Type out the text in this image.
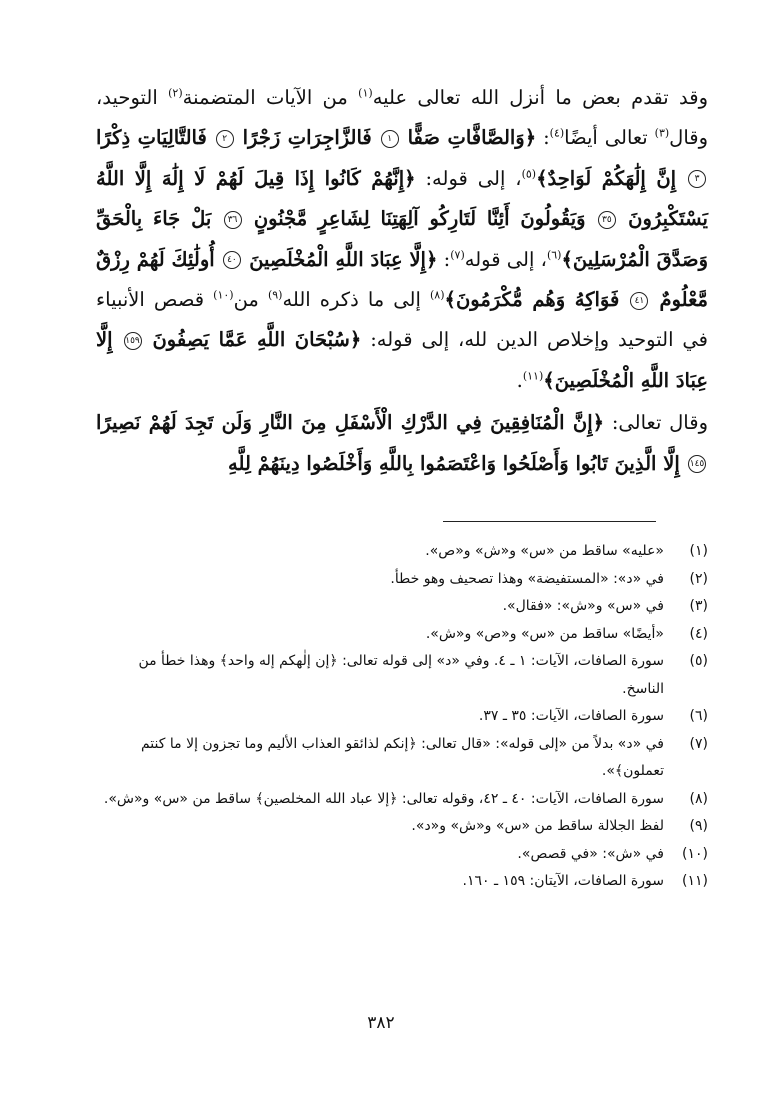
وقد تقدم بعض ما أنزل الله تعالى عليه$^{(١)}$ من الآيات المتضمنة$^{(٢)}$ التوحيد، وقال$^{(٣)}$ تعالى أيضًا$^{(٤)}$: ﴿وَالصَّافَّاتِ صَفًّا ١ فَالزَّاجِرَاتِ زَجْرًا ٢ فَالتَّالِيَاتِ ذِكْرًا ٣ إِنَّ إِلَٰهَكُمْ لَوَاحِدٌ﴾$^{(٥)}$، إلى قوله: ﴿إِنَّهُمْ كَانُوا إِذَا قِيلَ لَهُمْ لَا إِلَٰهَ إِلَّا اللَّهُ يَسْتَكْبِرُونَ ٣٥ وَيَقُولُونَ أَئِنَّا لَتَارِكُو آلِهَتِنَا لِشَاعِرٍ مَّجْنُونٍ ٣٦ بَلْ جَاءَ بِالْحَقِّ وَصَدَّقَ الْمُرْسَلِينَ﴾$^{(٦)}$، إلى قوله$^{(٧)}$: ﴿إِلَّا عِبَادَ اللَّهِ الْمُخْلَصِينَ ٤٠ أُولَٰئِكَ لَهُمْ رِزْقٌ مَّعْلُومٌ ٤١ فَوَاكِهُ وَهُم مُّكْرَمُونَ﴾$^{(٨)}$ إلى ما ذكره الله$^{(٩)}$ من$^{(١٠)}$ قصص الأنبياء في التوحيد وإخلاص الدين لله، إلى قوله: ﴿سُبْحَانَ اللَّهِ عَمَّا يَصِفُونَ ١٥٩ إِلَّا عِبَادَ اللَّهِ الْمُخْلَصِينَ﴾$^{(١١)}$.

وقال تعالى: ﴿إِنَّ الْمُنَافِقِينَ فِي الدَّرْكِ الْأَسْفَلِ مِنَ النَّارِ وَلَن تَجِدَ لَهُمْ نَصِيرًا ١٤٥ إِلَّا الَّذِينَ تَابُوا وَأَصْلَحُوا وَاعْتَصَمُوا بِاللَّهِ وَأَخْلَصُوا دِينَهُمْ لِلَّهِ

(١)
«عليه» ساقط من «س» و«ش» و«ص».
(٢)
في «د»: «المستفيضة» وهذا تصحيف وهو خطأ.
(٣)
في «س» و«ش»: «فقال».
(٤)
«أيضًا» ساقط من «س» و«ص» و«ش».
(٥)
سورة الصافات، الآيات: ١ ـ ٤. وفي «د» إلى قوله تعالى: ﴿إن إلٰهكم إله واحد﴾ وهذا خطأ من الناسخ.
(٦)
سورة الصافات، الآيات: ٣٥ ـ ٣٧.
(٧)
في «د» بدلاً من «إلى قوله»: «قال تعالى: ﴿إنكم لذائقو العذاب الأليم وما تجزون إلا ما كنتم تعملون﴾».
(٨)
سورة الصافات، الآيات: ٤٠ ـ ٤٢، وقوله تعالى: ﴿إلا عباد الله المخلصين﴾ ساقط من «س» و«ش».
(٩)
لفظ الجلالة ساقط من «س» و«ش» و«د».
(١٠)
في «ش»: «في قصص».
(١١)
سورة الصافات، الآيتان: ١٥٩ ـ ١٦٠.
٣٨٢
